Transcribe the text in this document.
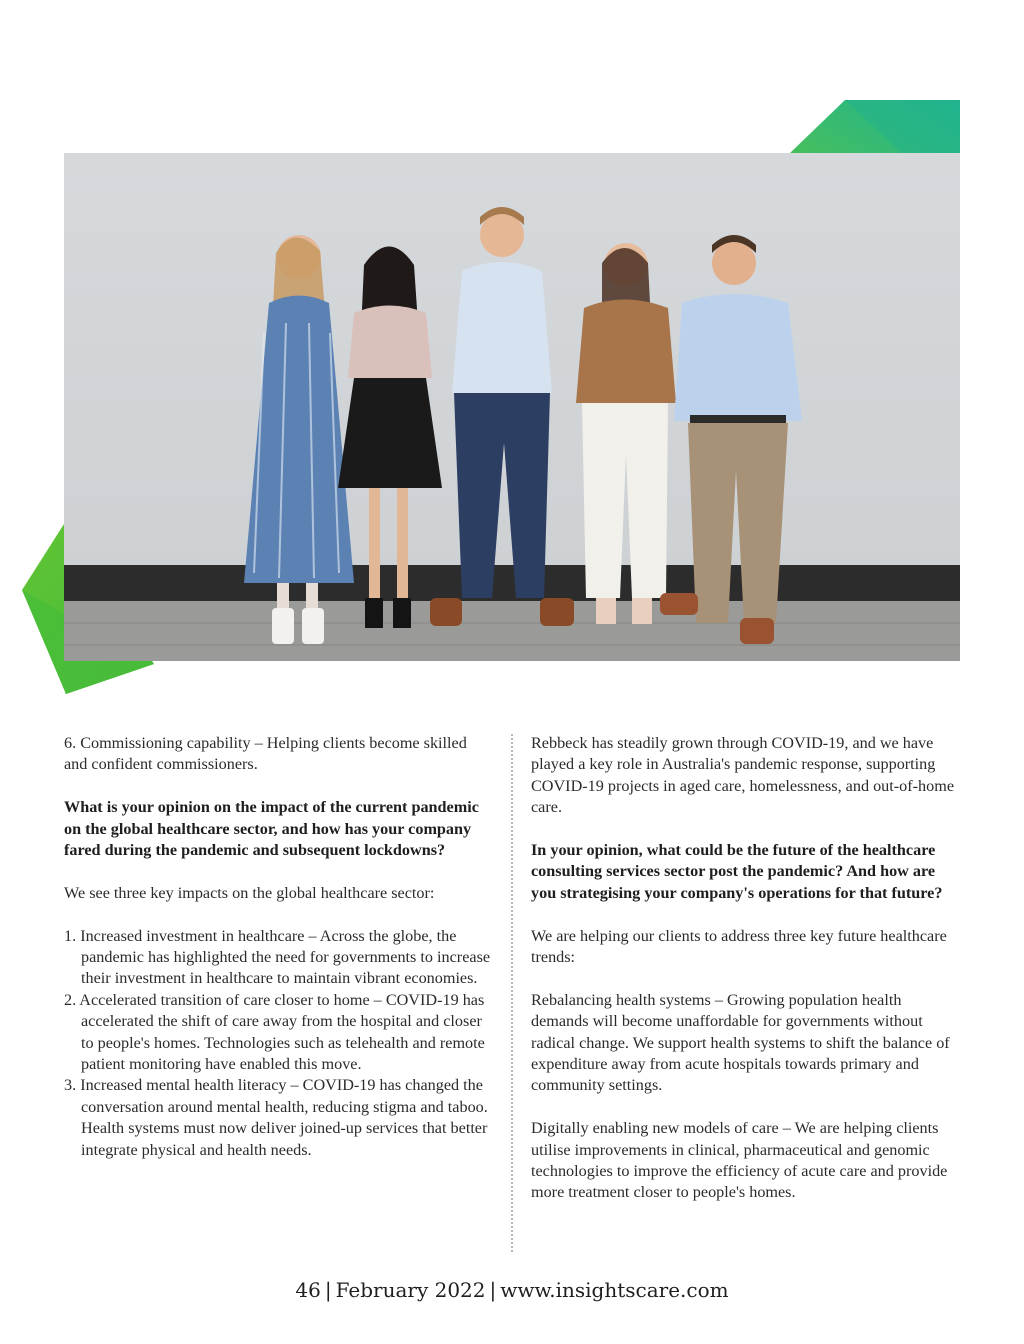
6. Commissioning capability – Helping clients become skilled and confident commissioners.

What is your opinion on the impact of the current pandemic on the global healthcare sector, and how has your company fared during the pandemic and subsequent lockdowns?

We see three key impacts on the global healthcare sector:

1. Increased investment in healthcare – Across the globe, the pandemic has highlighted the need for governments to increase their investment in healthcare to maintain vibrant economies.
2. Accelerated transition of care closer to home – COVID-19 has accelerated the shift of care away from the hospital and closer to people's homes. Technologies such as telehealth and remote patient monitoring have enabled this move.
3. Increased mental health literacy – COVID-19 has changed the conversation around mental health, reducing stigma and taboo. Health systems must now deliver joined-up services that better integrate physical and health needs.

Rebbeck has steadily grown through COVID-19, and we have played a key role in Australia's pandemic response, supporting COVID-19 projects in aged care, homelessness, and out-of-home care.

In your opinion, what could be the future of the healthcare consulting services sector post the pandemic? And how are you strategising your company's operations for that future?

We are helping our clients to address three key future healthcare trends:

Rebalancing health systems – Growing population health demands will become unaffordable for governments without radical change. We support health systems to shift the balance of expenditure away from acute hospitals towards primary and community settings.

Digitally enabling new models of care – We are helping clients utilise improvements in clinical, pharmaceutical and genomic technologies to improve the efficiency of acute care and provide more treatment closer to people's homes.

46 | February 2022 | www.insightscare.com
